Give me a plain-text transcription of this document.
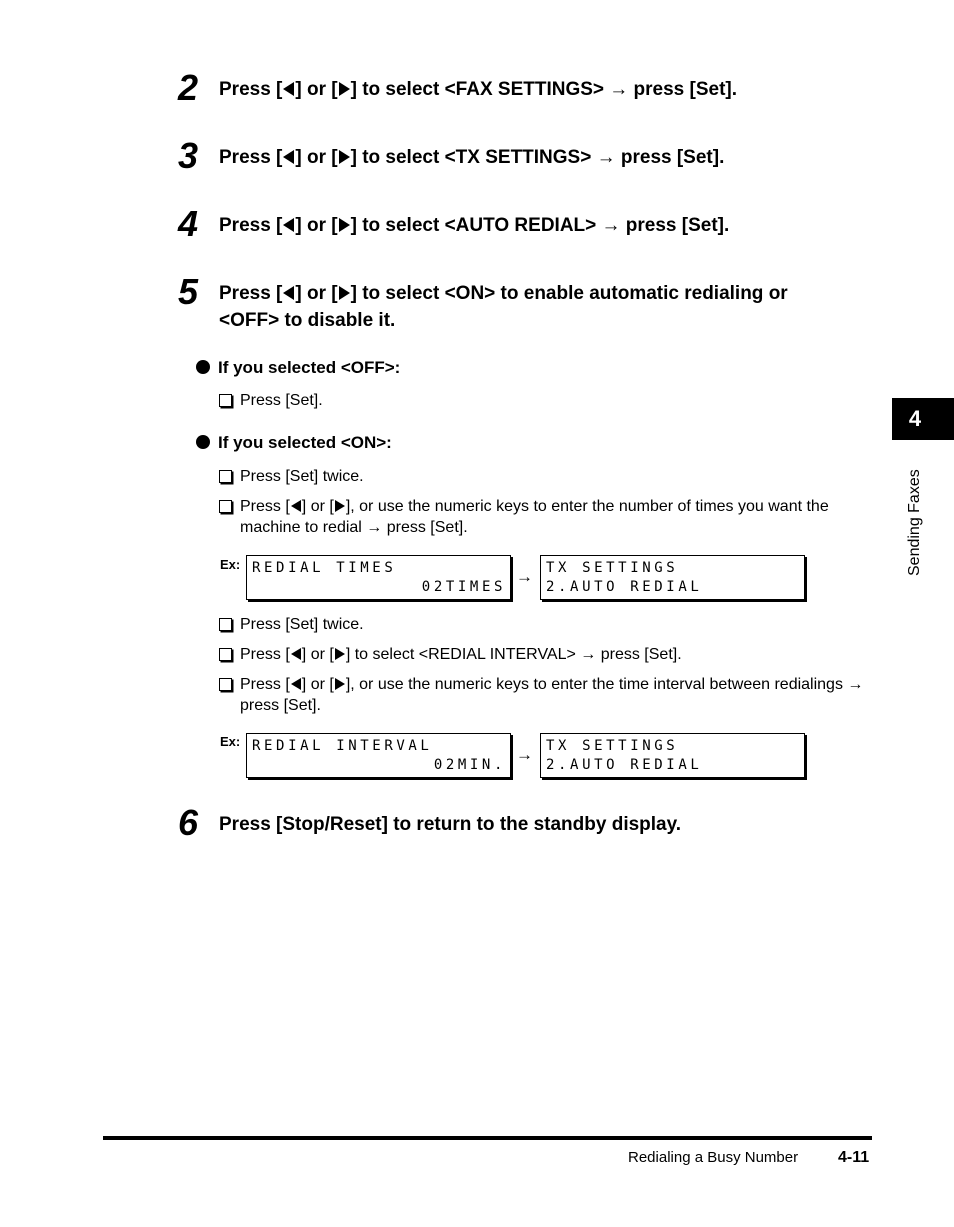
2 Press [ ] or [ ] to select <FAX SETTINGS> → press [Set].
3 Press [ ] or [ ] to select <TX SETTINGS> → press [Set].
4 Press [ ] or [ ] to select <AUTO REDIAL> → press [Set].
5 Press [ ] or [ ] to select <ON> to enable automatic redialing or
<OFF> to disable it.
If you selected <OFF>:
Press [Set].
If you selected <ON>:
Press [Set] twice.
Press [ ] or [ ], or use the numeric keys to enter the number of times you want the machine to redial → press [Set].
Ex: REDIAL TIMES
02TIMES
→ TX SETTINGS
2.AUTO REDIAL
Press [Set] twice.
Press [ ] or [ ] to select <REDIAL INTERVAL> → press [Set].
Press [ ] or [ ], or use the numeric keys to enter the time interval between redialings → press [Set].
Ex: REDIAL INTERVAL
02MIN.
→ TX SETTINGS
2.AUTO REDIAL
6 Press [Stop/Reset] to return to the standby display.
4
Sending Faxes
Redialing a Busy Number 4-11
